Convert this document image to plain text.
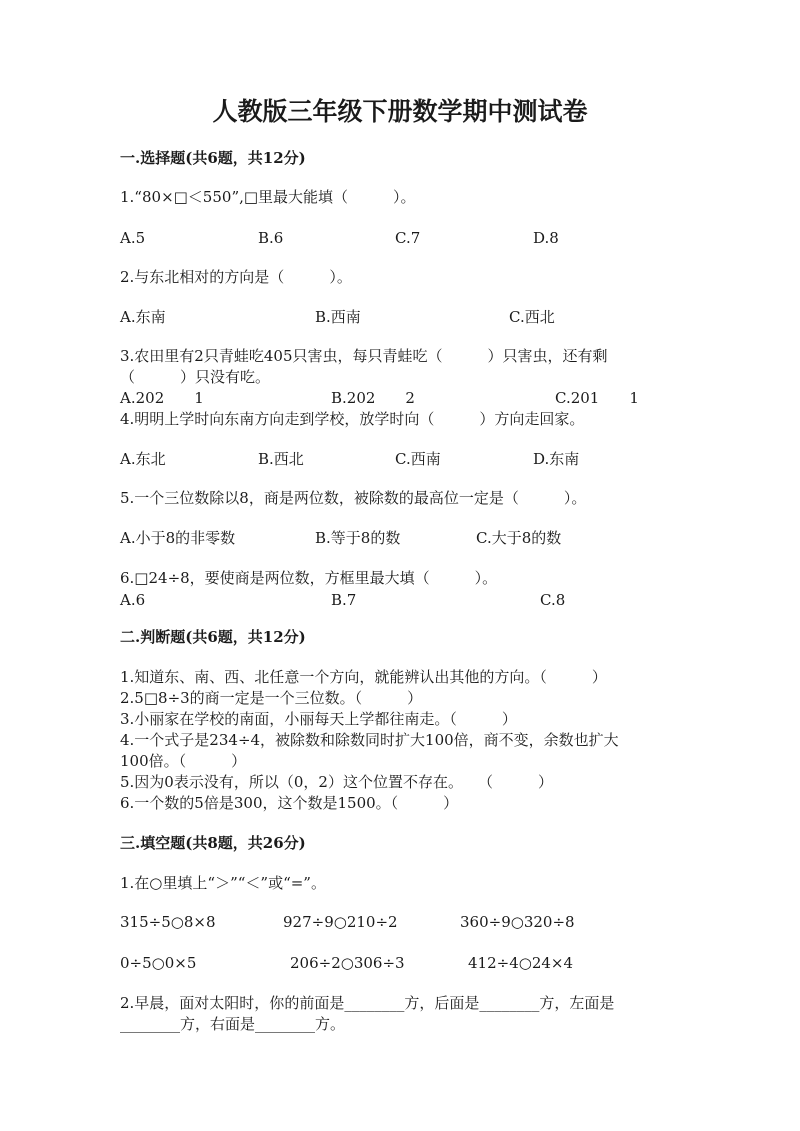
人教版三年级下册数学期中测试卷
一.选择题(共6题，共12分)
1.“80×□＜550”,□里最大能填（　　　）。
A.5	B.6	C.7	D.8
2.与东北相对的方向是（　　　）。
A.东南	B.西南	C.西北
3.农田里有2只青蛙吃405只害虫，每只青蛙吃（　　　）只害虫，还有剩
（　　　）只没有吃。
A.202　　1	B.202　　2	C.201　　1
4.明明上学时向东南方向走到学校，放学时向（　　　）方向走回家。
A.东北	B.西北	C.西南	D.东南
5.一个三位数除以8，商是两位数，被除数的最高位一定是（　　　）。
A.小于8的非零数	B.等于8的数	C.大于8的数
6.□24÷8，要使商是两位数，方框里最大填（　　　）。
A.6	B.7	C.8
二.判断题(共6题，共12分)
1.知道东、南、西、北任意一个方向，就能辨认出其他的方向。（　　　）
2.5□8÷3的商一定是一个三位数。（　　　）
3.小丽家在学校的南面，小丽每天上学都往南走。（　　　）
4.一个式子是234÷4，被除数和除数同时扩大100倍，商不变，余数也扩大
100倍。（　　　）
5.因为0表示没有，所以（0，2）这个位置不存在。　　（　　　）
6.一个数的5倍是300，这个数是1500。（　　　）
三.填空题(共8题，共26分)
1.在○里填上“＞”“＜”或“=”。
315÷5○8×8	927÷9○210÷2	360÷9○320÷8
0÷5○0×5	206÷2○306÷3	412÷4○24×4
2.早晨，面对太阳时，你的前面是________方，后面是________方，左面是
________方，右面是________方。
